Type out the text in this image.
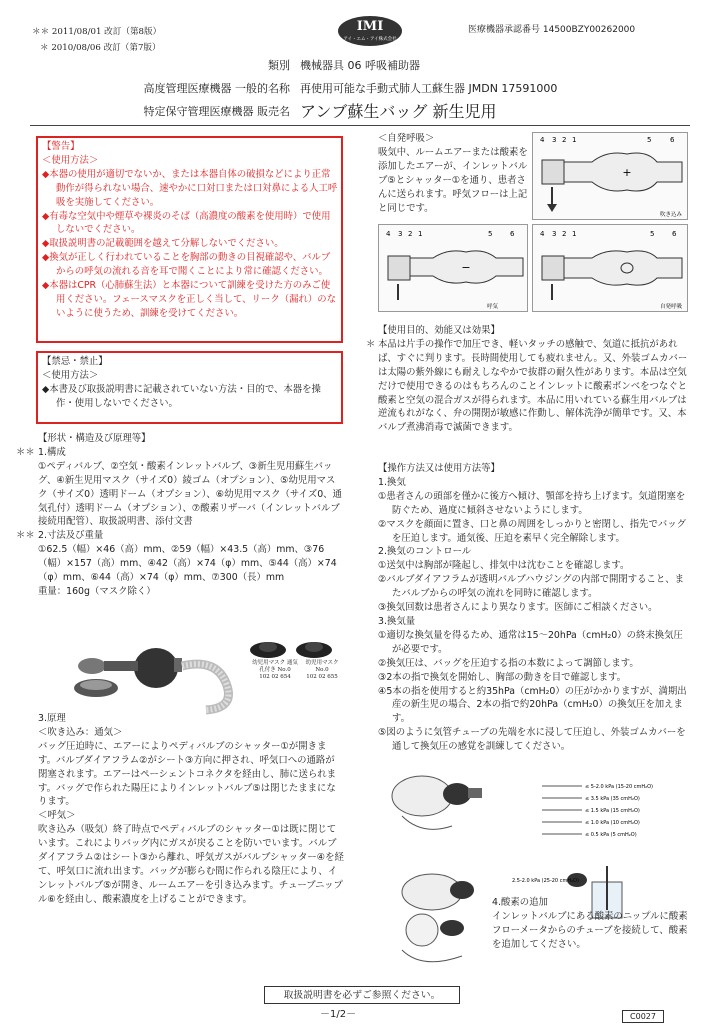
＊＊ 2011/08/01 改訂（第8版）
＊ 2010/08/06 改訂（第7版）
IMI
アイ・エム・アイ株式会社
医療機器承認番号 14500BZY00262000
類別 機械器具 06 呼吸補助器
高度管理医療機器 一般的名称 再使用可能な手動式肺人工蘇生器 JMDN 17591000
特定保守管理医療機器 販売名 アンブ蘇生バッグ 新生児用
【警告】
＜使用方法＞
◆本器の使用が適切でないか、または本器自体の破損などにより正常動作が得られない場合、速やかに口対口または口対鼻による人工呼吸を実施してください。
◆有毒な空気中や煙草や裸炎のそば（高濃度の酸素を使用時）で使用しないでください。
◆取扱説明書の記載範囲を越えて分解しないでください。
◆換気が正しく行われていることを胸部の動きの目視確認や、バルブからの呼気の流れる音を耳で聞くことにより常に確認ください。
◆本器はCPR（心肺蘇生法）と本器について訓練を受けた方のみご使用ください。フェースマスクを正しく当して、リーク（漏れ）のないように使うため、訓練を受けてください。
【禁忌・禁止】
＜使用方法＞
◆本書及び取扱説明書に記載されていない方法・目的で、本器を操作・使用しないでください。
【形状・構造及び原理等】
＊＊ 1.構成
①ペディバルブ、②空気・酸素インレットバルブ、③新生児用蘇生バッグ、④新生児用マスク（サイズ0）綾ゴム（オプション）、⑤幼児用マスク（サイズ0）透明ドーム（オプション）、⑥幼児用マスク（サイズ0、通気孔付）透明ドーム（オプション）、⑦酸素リザーバ（インレットバルブ接続用配管）、取扱説明書、添付文書
＊＊ 2.寸法及び重量
①62.5（幅）×46（高）mm、②59（幅）×43.5（高）mm、③76（幅）×157（高）mm、④42（高）×74（φ）mm、⑤44（高）×74（φ）mm、⑥44（高）×74（φ）mm、⑦300（長）mm
重量：160g（マスク除く）
幼児用マスク 通気孔付き No.0
102 02 654
幼児用マスク No.0
102 02 655
3.原理
＜吹き込み：通気＞
バッグ圧迫時に、エアーによりペディバルブのシャッター①が開きます。バルブダイアフラム②がシート③方向に押され、呼気口への通路が閉塞されます。エアーはペーシェントコネクタを経由し、肺に送られます。バッグで作られた陽圧によりインレットバルブ⑤は閉じたままになります。
＜呼気＞
吹き込み（吸気）終了時点でペディバルブのシャッター①は既に閉じています。これによりバッグ内にガスが戻ることを防いでいます。バルブダイアフラム②はシート③から離れ、呼気ガスがバルブシャッター④を経て、呼気口に流れ出ます。バッグが膨らむ間に作られる陰圧により、インレットバルブ⑤が開き、ルームエアーを引き込みます。チューブニップル⑥を経由し、酸素濃度を上げることができます。
＜自発呼吸＞
吸気中、ルームエアーまたは酸素を添加したエアーが、インレットバルブ⑤とシャッター①を通り、患者さんに送られます。呼気フローは上記と同じです。
4 3 2 1	5	6
+
吹き込み
4 3 2 1	5	6
−
呼気
4 3 2 1	5	6
自発呼吸
【使用目的、効能又は効果】
＊ 本品は片手の操作で加圧でき、軽いタッチの感触で、気道に抵抗があれば、すぐに判ります。長時間使用しても疲れません。又、外装ゴムカバーは太陽の紫外線にも耐えしなやかで抜群の耐久性があります。本品は空気だけで使用できるのはもちろんのことインレットに酸素ボンベをつなぐと酸素と空気の混合ガスが得られます。本品に用いれている蘇生用バルブは逆流もれがなく、弁の開閉が敏感に作動し、解体洗浄が簡単です。又、本バルブ煮沸消毒で滅菌できます。
【操作方法又は使用方法等】
1.換気
①患者さんの頭部を僅かに後方へ傾け、顎部を持ち上げます。気道閉塞を防ぐため、過度に傾斜させないようにします。
②マスクを顔面に置き、口と鼻の周囲をしっかりと密閉し、指先でバッグを圧迫します。通気後、圧迫を素早く完全解除します。
2.換気のコントロール
①送気中は胸部が隆起し、排気中は沈むことを確認します。
②バルブダイアフラムが透明バルブハウジングの内部で開閉すること、またバルブからの呼気の流れを同時に確認します。
③換気回数は患者さんにより異なります。医師にご相談ください。
3.換気量
①適切な換気量を得るため、通常は15〜20hPa（cmH₂0）の終末換気圧が必要です。
②換気圧は、バッグを圧迫する指の本数によって調節します。
③2本の指で換気を開始し、胸部の動きを目で確認します。
④5本の指を使用すると約35hPa（cmH₂0）の圧がかかりますが、満期出産の新生児の場合、2本の指で約20hPa（cmH₂0）の換気圧を加えます。
⑤図のように気管チューブの先端を水に浸して圧迫し、外装ゴムカバーを通して換気圧の感覚を訓練してください。
≤ 5-2.0 kPa (15-20 cmH₂O)
≤ 3.5 kPa (35 cmH₂O)
≤ 1.5 kPa (15 cmH₂O)
≤ 1.0 kPa (10 cmH₂O)
≤ 0.5 kPa (5 cmH₂O)
2.5-2.0 kPa (25-20 cmH₂O)
4.酸素の追加
インレットバルブにある酸素のニップルに酸素フローメータからのチューブを接続して、酸素を追加してください。
取扱説明書を必ずご参照ください。
－1/2－	C0027
